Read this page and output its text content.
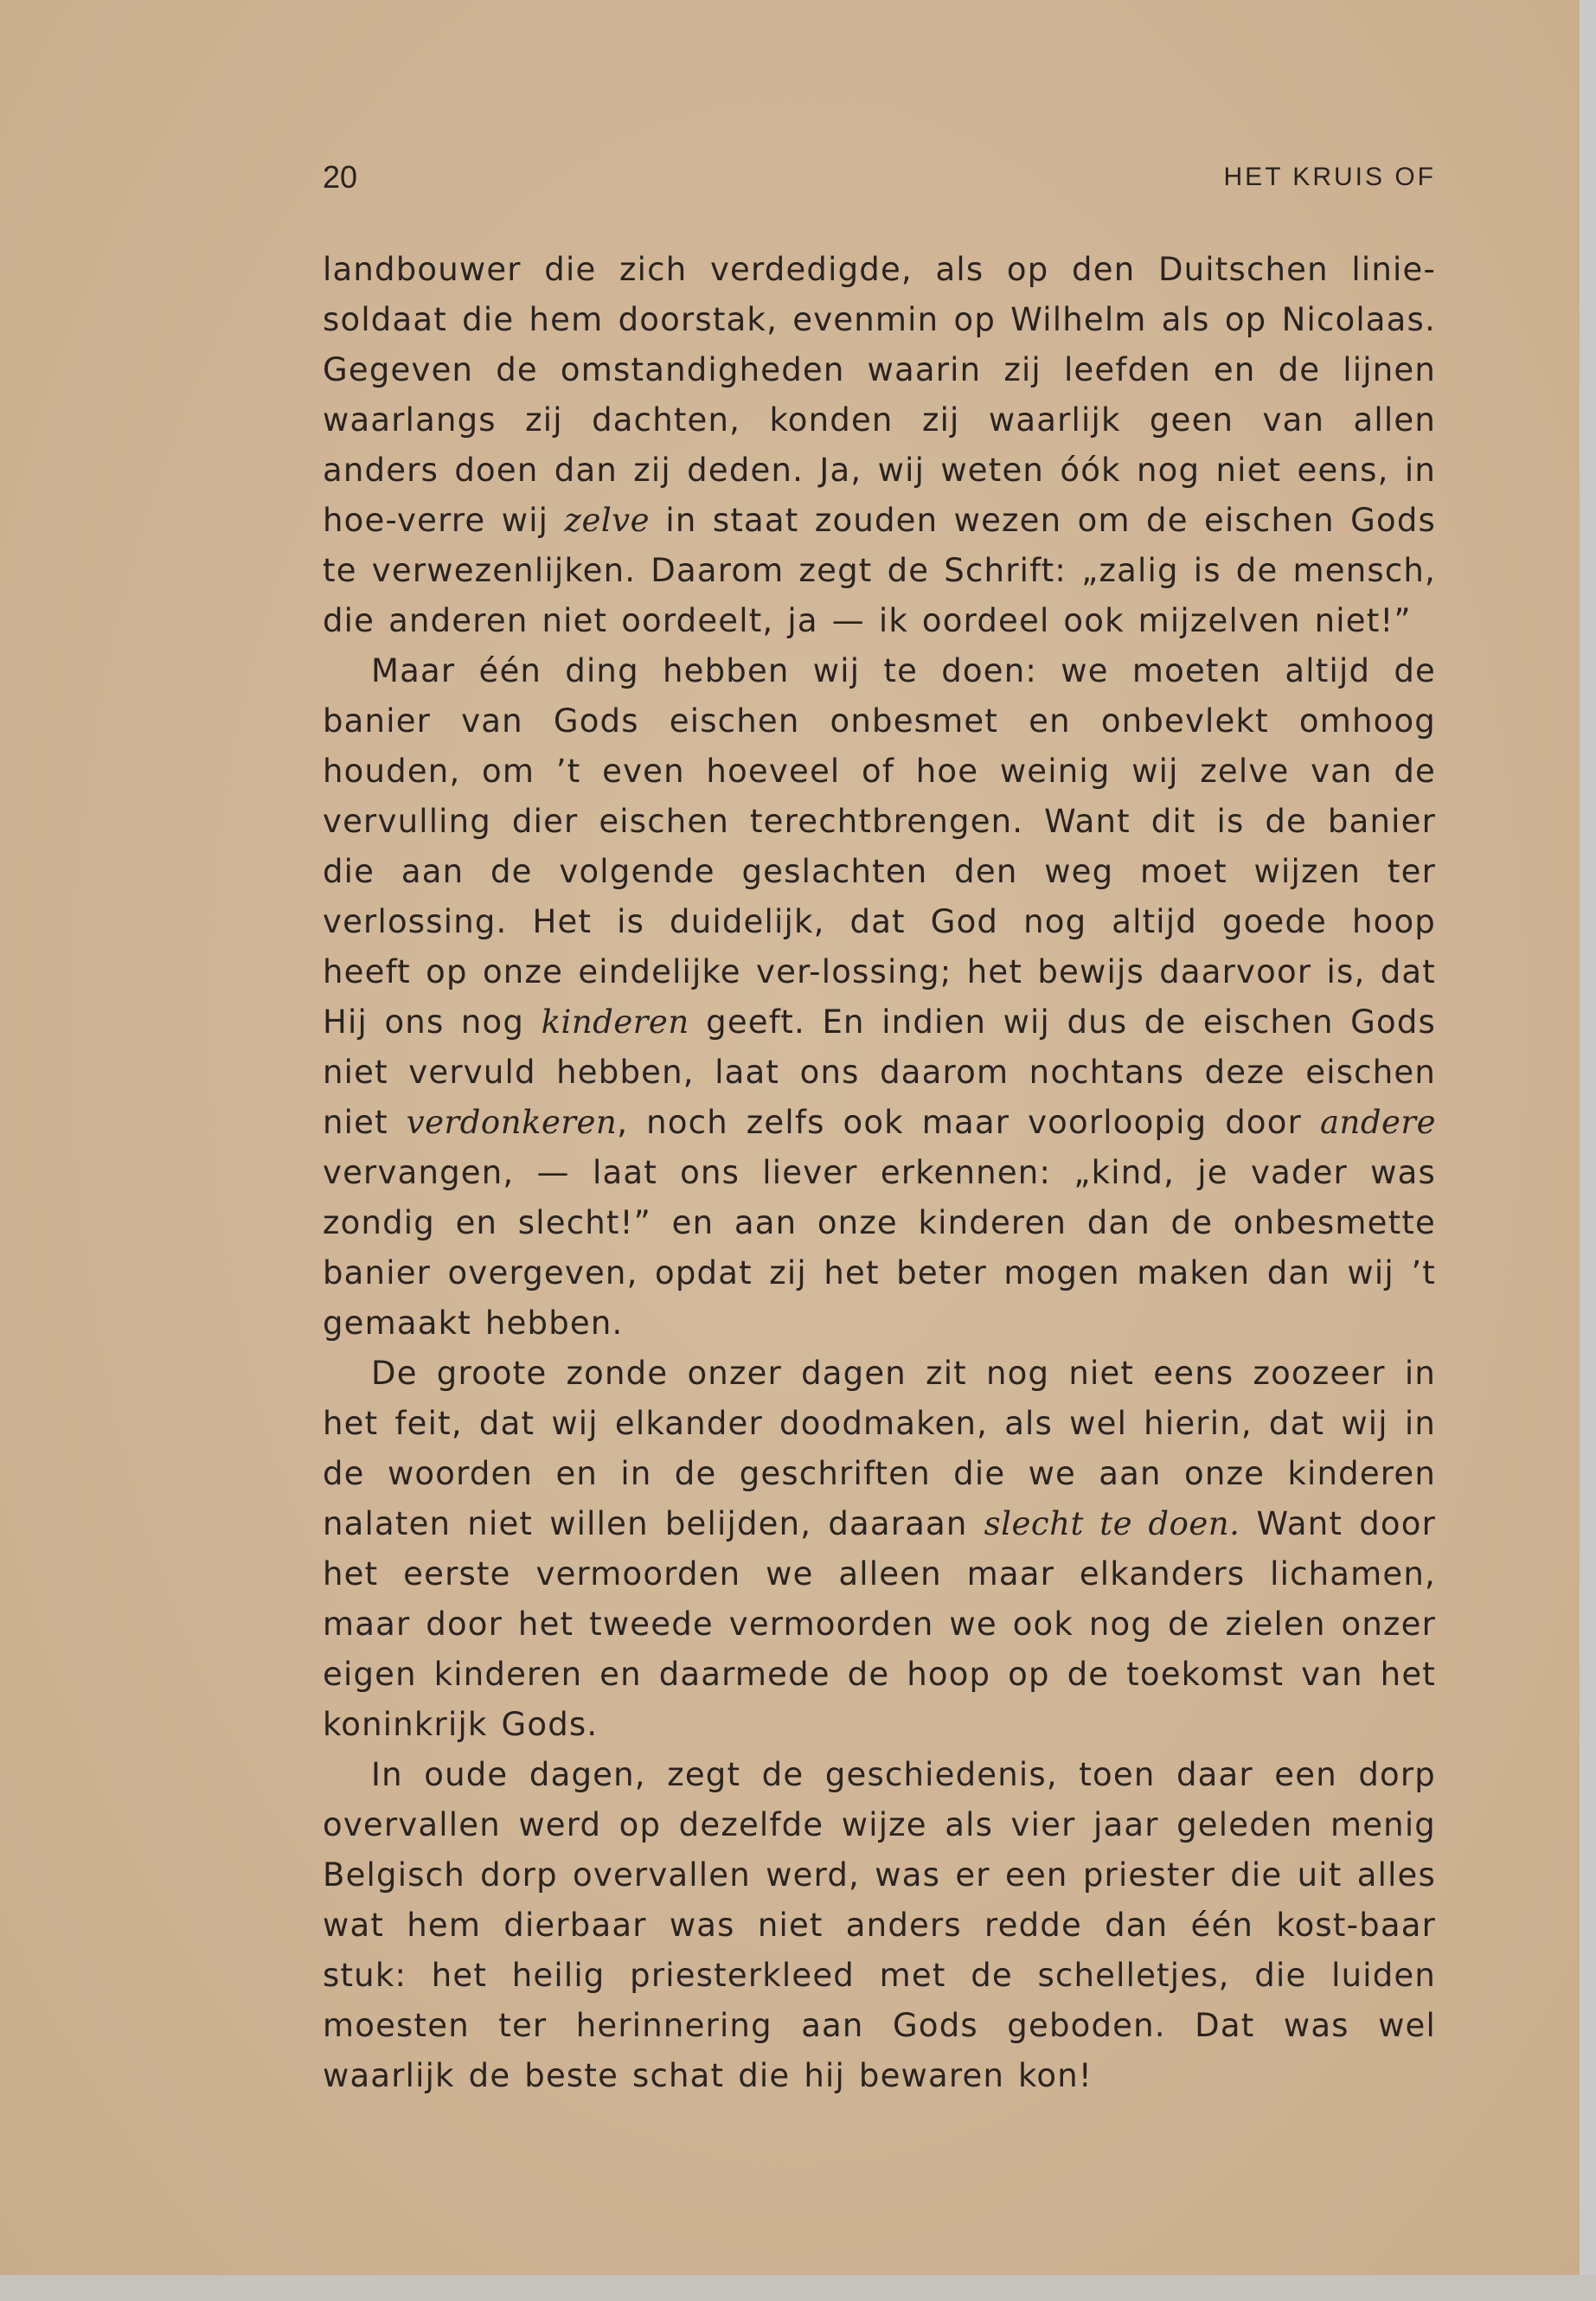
20	HET KRUIS OF

landbouwer die zich verdedigde, als op den Duitschen linie-soldaat die hem doorstak, evenmin op Wilhelm als op Nicolaas. Gegeven de omstandigheden waarin zij leefden en de lijnen waarlangs zij dachten, konden zij waarlijk geen van allen anders doen dan zij deden. Ja, wij weten óók nog niet eens, in hoe-verre wij zelve in staat zouden wezen om de eischen Gods te verwezenlijken. Daarom zegt de Schrift: „zalig is de mensch, die anderen niet oordeelt, ja — ik oordeel ook mijzelven niet!”

Maar één ding hebben wij te doen: we moeten altijd de banier van Gods eischen onbesmet en onbevlekt omhoog houden, om ’t even hoeveel of hoe weinig wij zelve van de vervulling dier eischen terechtbrengen. Want dit is de banier die aan de volgende geslachten den weg moet wijzen ter verlossing. Het is duidelijk, dat God nog altijd goede hoop heeft op onze eindelijke ver-lossing; het bewijs daarvoor is, dat Hij ons nog kinderen geeft. En indien wij dus de eischen Gods niet vervuld hebben, laat ons daarom nochtans deze eischen niet verdonkeren, noch zelfs ook maar voorloopig door andere vervangen, — laat ons liever erkennen: „kind, je vader was zondig en slecht!” en aan onze kinderen dan de onbesmette banier overgeven, opdat zij het beter mogen maken dan wij ’t gemaakt hebben.

De groote zonde onzer dagen zit nog niet eens zoozeer in het feit, dat wij elkander doodmaken, als wel hierin, dat wij in de woorden en in de geschriften die we aan onze kinderen nalaten niet willen belijden, daaraan slecht te doen. Want door het eerste vermoorden we alleen maar elkanders lichamen, maar door het tweede vermoorden we ook nog de zielen onzer eigen kinderen en daarmede de hoop op de toekomst van het koninkrijk Gods.

In oude dagen, zegt de geschiedenis, toen daar een dorp overvallen werd op dezelfde wijze als vier jaar geleden menig Belgisch dorp overvallen werd, was er een priester die uit alles wat hem dierbaar was niet anders redde dan één kost-baar stuk: het heilig priesterkleed met de schelletjes, die luiden moesten ter herinnering aan Gods geboden. Dat was wel waarlijk de beste schat die hij bewaren kon!
